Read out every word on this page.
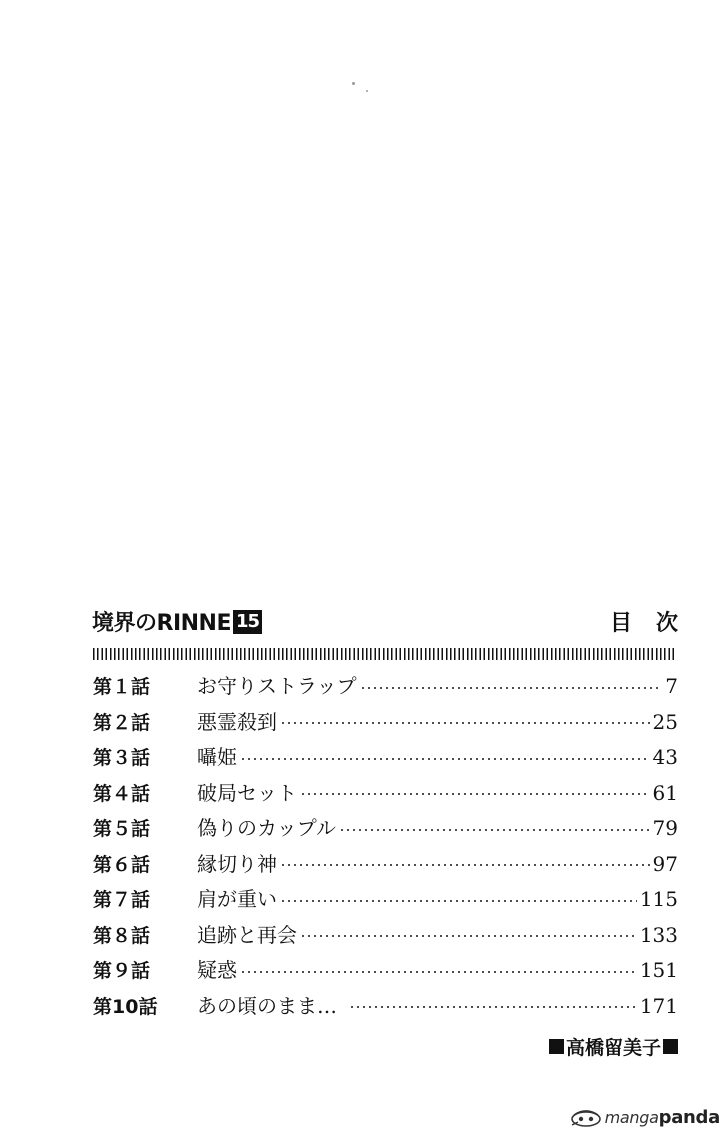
境界のRINNE 15	目次
第１話	お守りストラップ	7
第２話	悪霊殺到	25
第３話	囁姫	43
第４話	破局セット	61
第５話	偽りのカップル	79
第６話	縁切り神	97
第７話	肩が重い	115
第８話	追跡と再会	133
第９話	疑惑	151
第10話	あの頃のまま…	171
高橋留美子
manga panda
